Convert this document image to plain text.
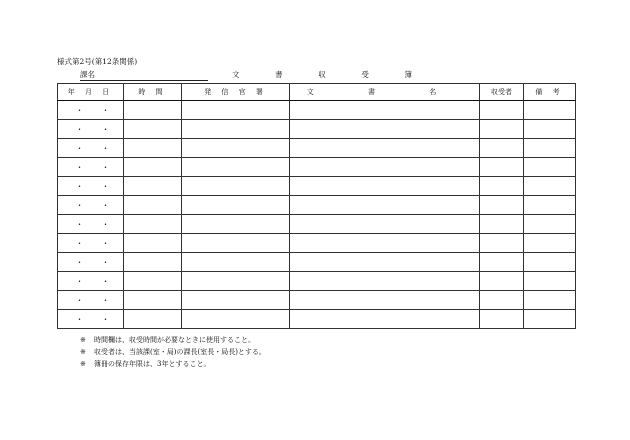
様式第2号(第12条関係)
課名	文	書	収	受	簿
年 月 日	時 間	発 信 官 署	文 書 名	収受者	備 考

・ ・					

・ ・					

・ ・					

・ ・					

・ ・					

・ ・					

・ ・					

・ ・					

・ ・					

・ ・					

・ ・					

・ ・					

※ 時間欄は、収受時間が必要なときに使用すること。
※ 収受者は、当該課(室・局)の課長(室長・局長)とする。
※ 簿冊の保存年限は、3年とすること。
